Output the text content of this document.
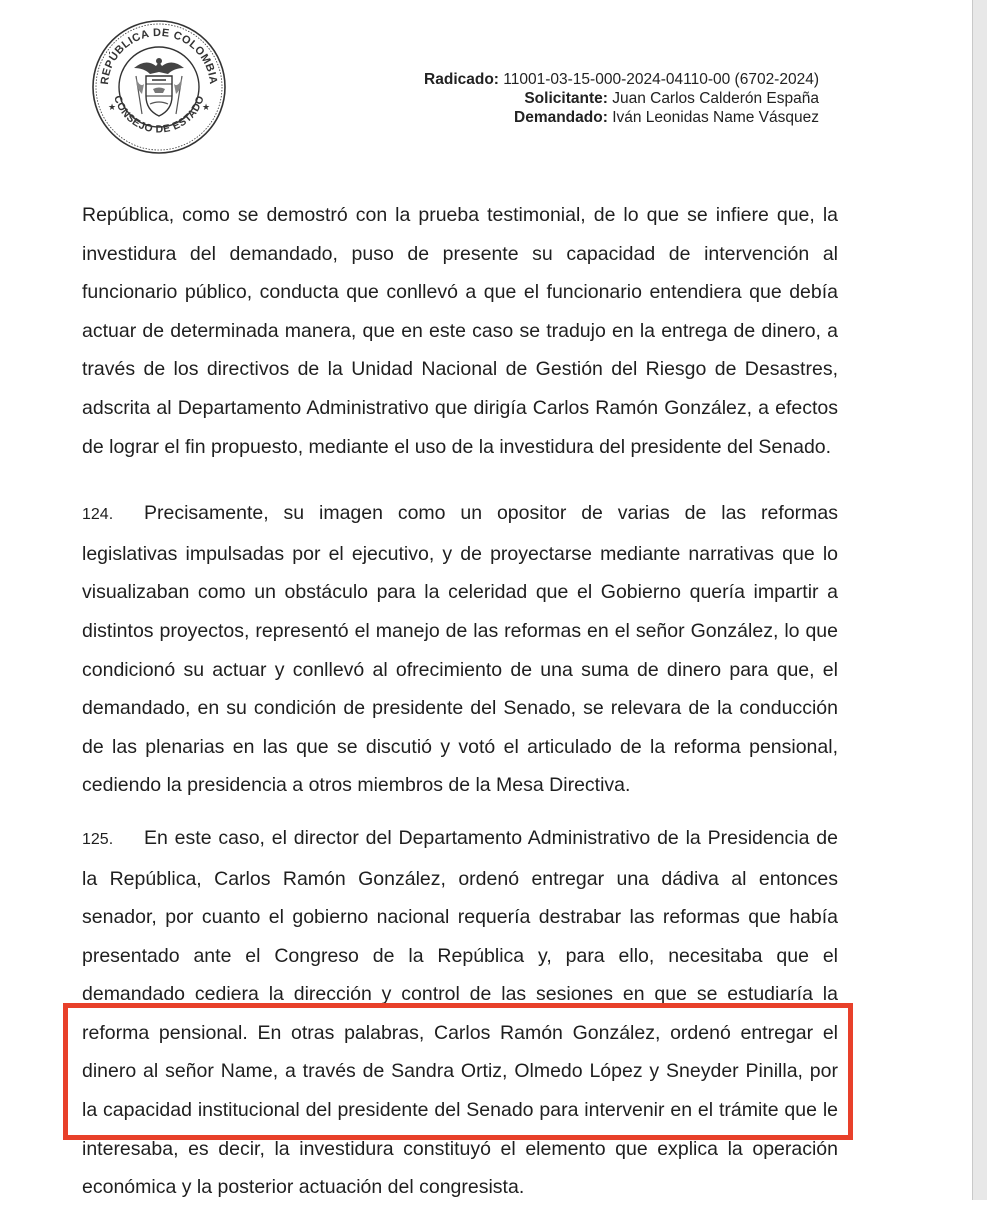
REPÚBLICA DE COLOMBIA
CONSEJO DE ESTADO
★	★
Radicado: 11001-03-15-000-2024-04110-00 (6702-2024)
Solicitante: Juan Carlos Calderón España
Demandado: Iván Leonidas Name Vásquez

República, como se demostró con la prueba testimonial, de lo que se infiere que, la investidura del demandado, puso de presente su capacidad de intervención al funcionario público, conducta que conllevó a que el funcionario entendiera que debía actuar de determinada manera, que en este caso se tradujo en la entrega de dinero, a través de los directivos de la Unidad Nacional de Gestión del Riesgo de Desastres, adscrita al Departamento Administrativo que dirigía Carlos Ramón González, a efectos de lograr el fin propuesto, mediante el uso de la investidura del presidente del Senado.

124. Precisamente, su imagen como un opositor de varias de las reformas legislativas impulsadas por el ejecutivo, y de proyectarse mediante narrativas que lo visualizaban como un obstáculo para la celeridad que el Gobierno quería impartir a distintos proyectos, representó el manejo de las reformas en el señor González, lo que condicionó su actuar y conllevó al ofrecimiento de una suma de dinero para que, el demandado, en su condición de presidente del Senado, se relevara de la conducción de las plenarias en las que se discutió y votó el articulado de la reforma pensional, cediendo la presidencia a otros miembros de la Mesa Directiva.

125. En este caso, el director del Departamento Administrativo de la Presidencia de la República, Carlos Ramón González, ordenó entregar una dádiva al entonces senador, por cuanto el gobierno nacional requería destrabar las reformas que había presentado ante el Congreso de la República y, para ello, necesitaba que el demandado cediera la dirección y control de las sesiones en que se estudiaría la reforma pensional. En otras palabras, Carlos Ramón González, ordenó entregar el dinero al señor Name, a través de Sandra Ortiz, Olmedo López y Sneyder Pinilla, por la capacidad institucional del presidente del Senado para intervenir en el trámite que le interesaba, es decir, la investidura constituyó el elemento que explica la operación económica y la posterior actuación del congresista.
